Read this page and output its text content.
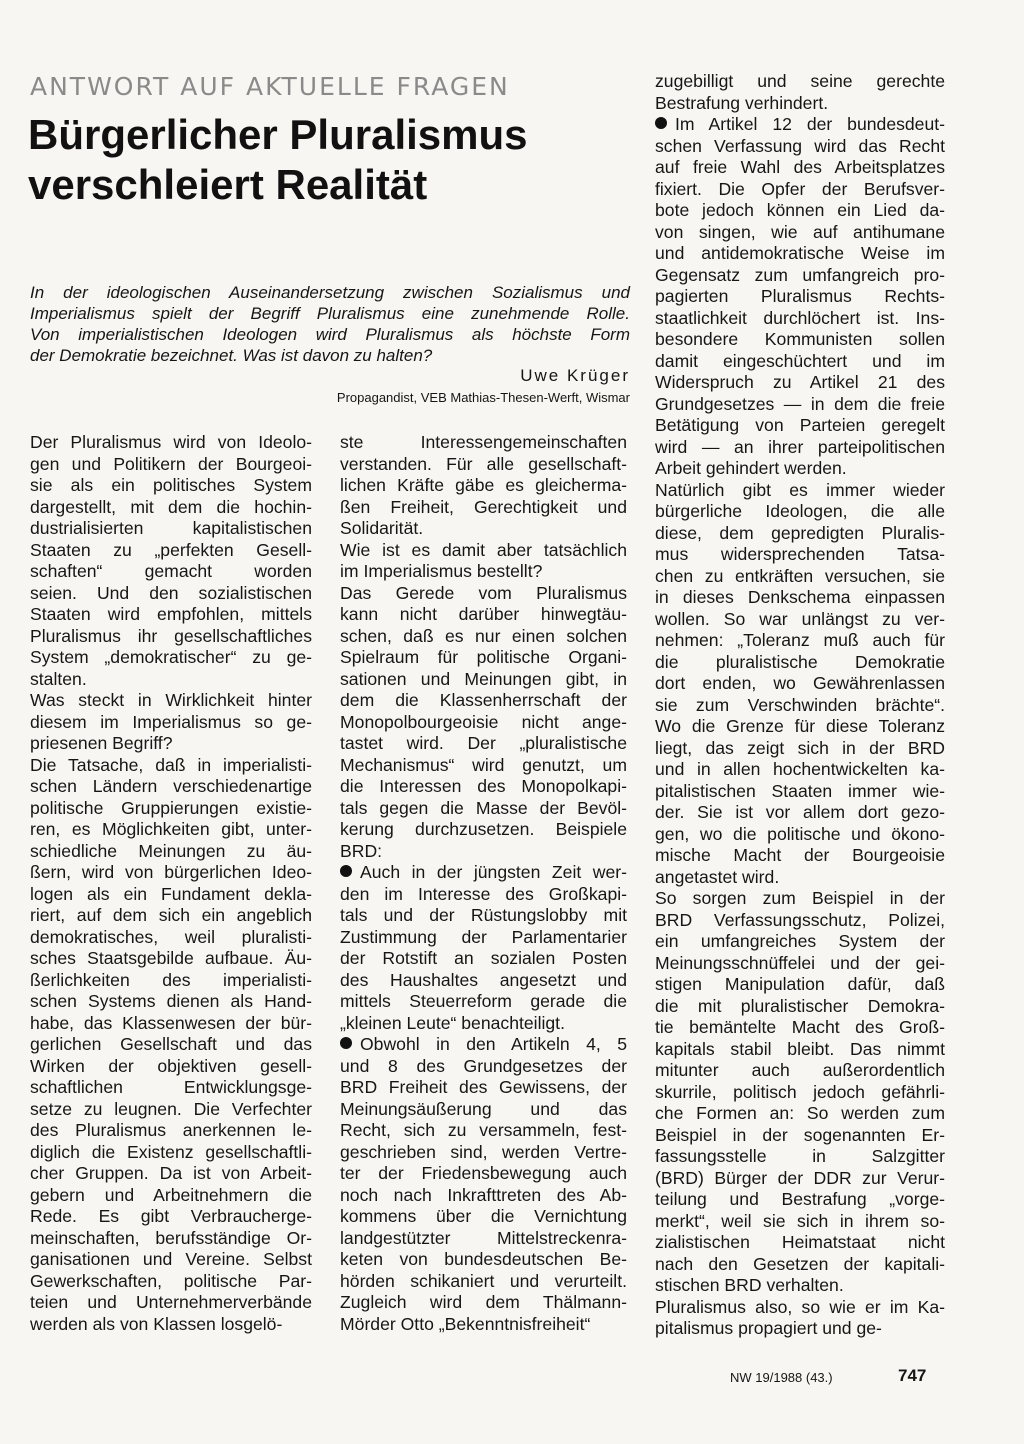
ANTWORT AUF AKTUELLE FRAGEN
Bürgerlicher Pluralismus
verschleiert Realität

In der ideologischen Auseinandersetzung zwischen Sozialismus und
Imperialismus spielt der Begriff Pluralismus eine zunehmende Rolle.
Von imperialistischen Ideologen wird Pluralismus als höchste Form
der Demokratie bezeichnet. Was ist davon zu halten?

Uwe Krüger
Propagandist, VEB Mathias-Thesen-Werft, Wismar
Der Pluralismus wird von Ideolo-
gen und Politikern der Bourgeoi-
sie als ein politisches System
dargestellt, mit dem die hochin-
dustrialisierten kapitalistischen
Staaten zu „perfekten Gesell-
schaften“ gemacht worden
seien. Und den sozialistischen
Staaten wird empfohlen, mittels
Pluralismus ihr gesellschaftliches
System „demokratischer“ zu ge-
stalten.
Was steckt in Wirklichkeit hinter
diesem im Imperialismus so ge-
priesenen Begriff?
Die Tatsache, daß in imperialisti-
schen Ländern verschiedenartige
politische Gruppierungen existie-
ren, es Möglichkeiten gibt, unter-
schiedliche Meinungen zu äu-
ßern, wird von bürgerlichen Ideo-
logen als ein Fundament dekla-
riert, auf dem sich ein angeblich
demokratisches, weil pluralisti-
sches Staatsgebilde aufbaue. Äu-
ßerlichkeiten des imperialisti-
schen Systems dienen als Hand-
habe, das Klassenwesen der bür-
gerlichen Gesellschaft und das
Wirken der objektiven gesell-
schaftlichen Entwicklungsge-
setze zu leugnen. Die Verfechter
des Pluralismus anerkennen le-
diglich die Existenz gesellschaftli-
cher Gruppen. Da ist von Arbeit-
gebern und Arbeitnehmern die
Rede. Es gibt Verbraucherge-
meinschaften, berufsständige Or-
ganisationen und Vereine. Selbst
Gewerkschaften, politische Par-
teien und Unternehmerverbände
werden als von Klassen losgelö-
ste Interessengemeinschaften
verstanden. Für alle gesellschaft-
lichen Kräfte gäbe es gleicherma-
ßen Freiheit, Gerechtigkeit und
Solidarität.
Wie ist es damit aber tatsächlich
im Imperialismus bestellt?
Das Gerede vom Pluralismus
kann nicht darüber hinwegtäu-
schen, daß es nur einen solchen
Spielraum für politische Organi-
sationen und Meinungen gibt, in
dem die Klassenherrschaft der
Monopolbourgeoisie nicht ange-
tastet wird. Der „pluralistische
Mechanismus“ wird genutzt, um
die Interessen des Monopolkapi-
tals gegen die Masse der Bevöl-
kerung durchzusetzen. Beispiele
BRD:
Auch in der jüngsten Zeit wer-
den im Interesse des Großkapi-
tals und der Rüstungslobby mit
Zustimmung der Parlamentarier
der Rotstift an sozialen Posten
des Haushaltes angesetzt und
mittels Steuerreform gerade die
„kleinen Leute“ benachteiligt.
Obwohl in den Artikeln 4, 5
und 8 des Grundgesetzes der
BRD Freiheit des Gewissens, der
Meinungsäußerung und das
Recht, sich zu versammeln, fest-
geschrieben sind, werden Vertre-
ter der Friedensbewegung auch
noch nach Inkrafttreten des Ab-
kommens über die Vernichtung
landgestützter Mittelstreckenra-
keten von bundesdeutschen Be-
hörden schikaniert und verurteilt.
Zugleich wird dem Thälmann-
Mörder Otto „Bekenntnisfreiheit“
zugebilligt und seine gerechte
Bestrafung verhindert.
Im Artikel 12 der bundesdeut-
schen Verfassung wird das Recht
auf freie Wahl des Arbeitsplatzes
fixiert. Die Opfer der Berufsver-
bote jedoch können ein Lied da-
von singen, wie auf antihumane
und antidemokratische Weise im
Gegensatz zum umfangreich pro-
pagierten Pluralismus Rechts-
staatlichkeit durchlöchert ist. Ins-
besondere Kommunisten sollen
damit eingeschüchtert und im
Widerspruch zu Artikel 21 des
Grundgesetzes — in dem die freie
Betätigung von Parteien geregelt
wird — an ihrer parteipolitischen
Arbeit gehindert werden.
Natürlich gibt es immer wieder
bürgerliche Ideologen, die alle
diese, dem gepredigten Pluralis-
mus widersprechenden Tatsa-
chen zu entkräften versuchen, sie
in dieses Denkschema einpassen
wollen. So war unlängst zu ver-
nehmen: „Toleranz muß auch für
die pluralistische Demokratie
dort enden, wo Gewährenlassen
sie zum Verschwinden brächte“.
Wo die Grenze für diese Toleranz
liegt, das zeigt sich in der BRD
und in allen hochentwickelten ka-
pitalistischen Staaten immer wie-
der. Sie ist vor allem dort gezo-
gen, wo die politische und ökono-
mische Macht der Bourgeoisie
angetastet wird.
So sorgen zum Beispiel in der
BRD Verfassungsschutz, Polizei,
ein umfangreiches System der
Meinungsschnüffelei und der gei-
stigen Manipulation dafür, daß
die mit pluralistischer Demokra-
tie bemäntelte Macht des Groß-
kapitals stabil bleibt. Das nimmt
mitunter auch außerordentlich
skurrile, politisch jedoch gefährli-
che Formen an: So werden zum
Beispiel in der sogenannten Er-
fassungsstelle in Salzgitter
(BRD) Bürger der DDR zur Verur-
teilung und Bestrafung „vorge-
merkt“, weil sie sich in ihrem so-
zialistischen Heimatstaat nicht
nach den Gesetzen der kapitali-
stischen BRD verhalten.
Pluralismus also, so wie er im Ka-
pitalismus propagiert und ge-
NW 19/1988 (43.)	747
